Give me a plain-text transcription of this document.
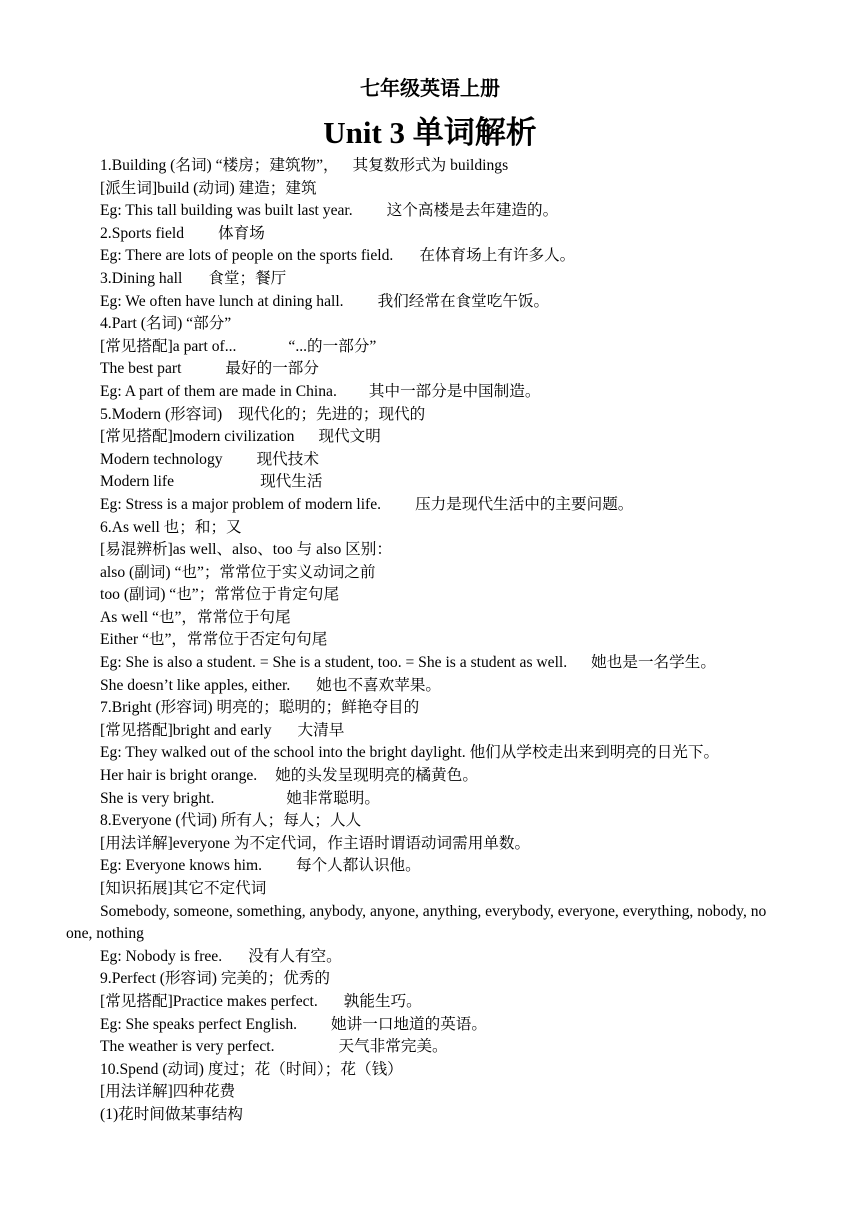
七年级英语上册
Unit 3 单词解析
1.Building (名词) “楼房；建筑物”， 其复数形式为 buildings
[派生词]build (动词) 建造；建筑
Eg: This tall building was built last year. 这个高楼是去年建造的。
2.Sports field 体育场
Eg: There are lots of people on the sports field. 在体育场上有许多人。
3.Dining hall 食堂；餐厅
Eg: We often have lunch at dining hall. 我们经常在食堂吃午饭。
4.Part (名词) “部分”
[常见搭配]a part of...	“...的一部分”
The best part	最好的一部分
Eg: A part of them are made in China. 其中一部分是中国制造。
5.Modern (形容词) 现代化的；先进的；现代的
[常见搭配]modern civilization 现代文明
Modern technology 现代技术
Modern life	现代生活
Eg: Stress is a major problem of modern life. 压力是现代生活中的主要问题。
6.As well 也；和；又
[易混辨析]as well、also、too 与 also 区别：
also (副词) “也”；常常位于实义动词之前
too (副词) “也”；常常位于肯定句尾
As well “也”，常常位于句尾
Either “也”，常常位于否定句句尾
Eg: She is also a student. = She is a student, too. = She is a student as well. 她也是一名学生。
She doesn’t like apples, either. 她也不喜欢苹果。
7.Bright (形容词) 明亮的；聪明的；鲜艳夺目的
[常见搭配]bright and early 大清早
Eg: They walked out of the school into the bright daylight. 他们从学校走出来到明亮的日光下。
Her hair is bright orange. 她的头发呈现明亮的橘黄色。
She is very bright.	她非常聪明。
8.Everyone (代词) 所有人；每人；人人
[用法详解]everyone 为不定代词，作主语时谓语动词需用单数。
Eg: Everyone knows him. 每个人都认识他。
[知识拓展]其它不定代词
Somebody, someone, something, anybody, anyone, anything, everybody, everyone, everything, nobody, no one, nothing
Eg: Nobody is free. 没有人有空。
9.Perfect (形容词) 完美的；优秀的
[常见搭配]Practice makes perfect. 孰能生巧。
Eg: She speaks perfect English. 她讲一口地道的英语。
The weather is very perfect.	天气非常完美。
10.Spend (动词) 度过；花（时间）；花（钱）
[用法详解]四种花费
(1)花时间做某事结构
